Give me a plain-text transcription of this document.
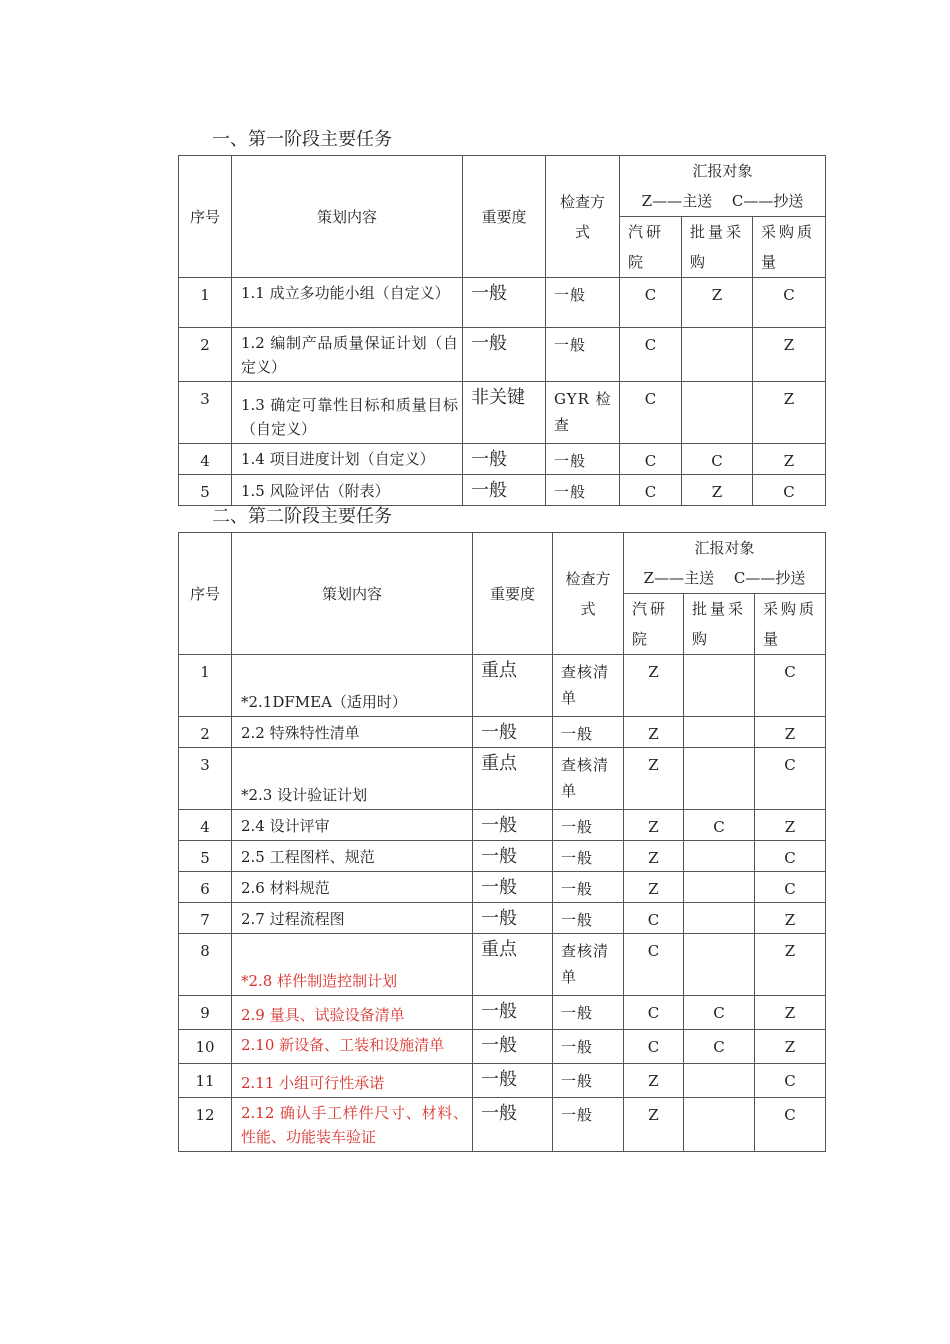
一、第一阶段主要任务
序号	策划内容	重要度	检查方式	汇报对象
Z——主送　 C——抄送		

				汽研院	批量采购	采购质量
1	1.1 成立多功能小组（自定义）	一般	一般	C	Z	C
2	1.2 编制产品质量保证计划（自定义）	一般	一般	C		Z
3	1.3 确定可靠性目标和质量目标（自定义）	非关键	GYR 检查	C		Z
4	1.4 项目进度计划（自定义）	一般	一般	C	C	Z
5	1.5 风险评估（附表）	一般	一般	C	Z	C
二、第二阶段主要任务
序号	策划内容	重要度	检查方式	汇报对象
Z——主送　 C——抄送		

				汽研院	批量采购	采购质量
1	*2.1DFMEA（适用时）	重点	查核清单	Z		C
2	2.2 特殊特性清单	一般	一般	Z		Z
3	*2.3 设计验证计划	重点	查核清单	Z		C
4	2.4 设计评审	一般	一般	Z	C	Z
5	2.5 工程图样、规范	一般	一般	Z		C
6	2.6 材料规范	一般	一般	Z		C
7	2.7 过程流程图	一般	一般	C		Z
8	*2.8 样件制造控制计划	重点	查核清单	C		Z
9	2.9 量具、试验设备清单	一般	一般	C	C	Z
10	2.10 新设备、工装和设施清单	一般	一般	C	C	Z
11	2.11 小组可行性承诺	一般	一般	Z		C
12	2.12 确认手工样件尺寸、材料、性能、功能装车验证	一般	一般	Z		C
